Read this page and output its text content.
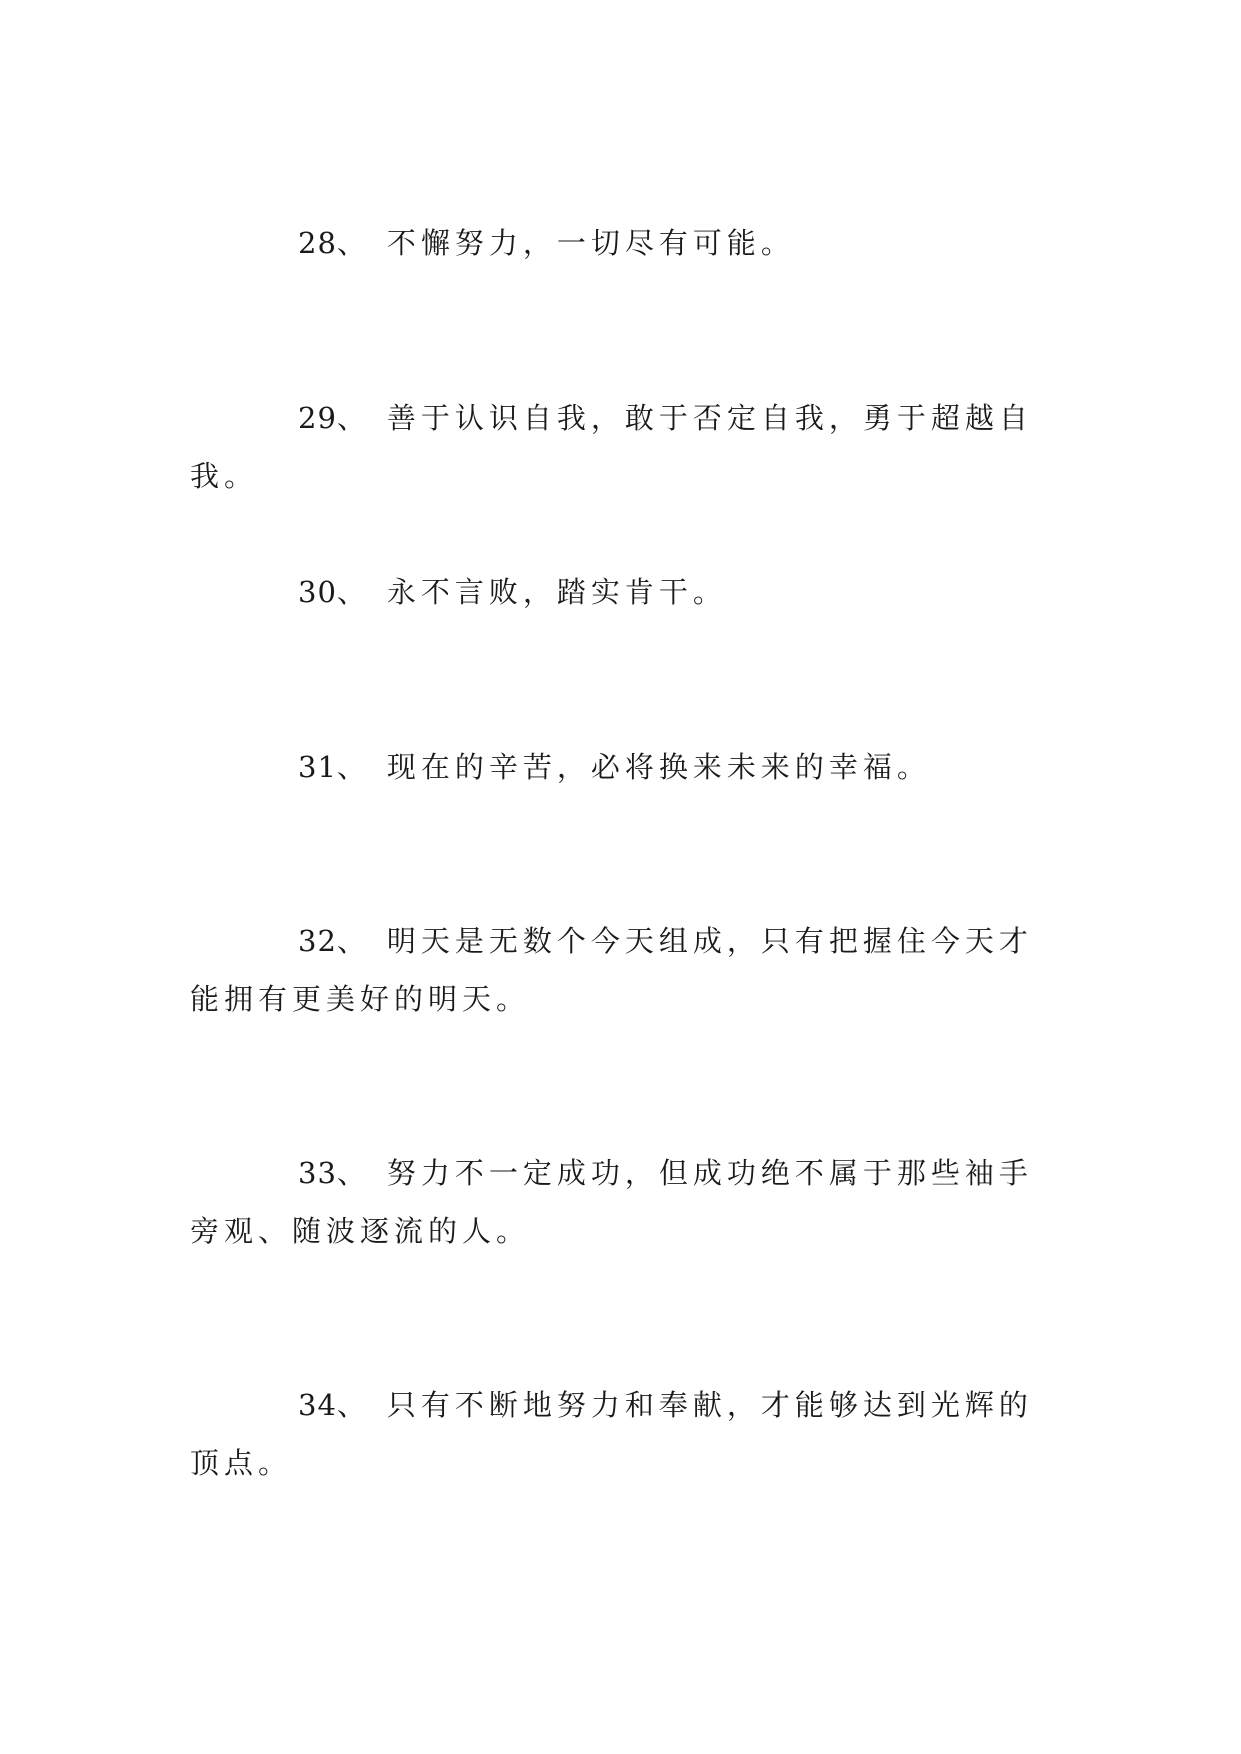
28、 不懈努力，一切尽有可能。

29、 善于认识自我，敢于否定自我，勇于超越自我。

30、 永不言败，踏实肯干。

31、 现在的辛苦，必将换来未来的幸福。

32、 明天是无数个今天组成，只有把握住今天才能拥有更美好的明天。

33、 努力不一定成功，但成功绝不属于那些袖手旁观、随波逐流的人。

34、 只有不断地努力和奉献，才能够达到光辉的顶点。
